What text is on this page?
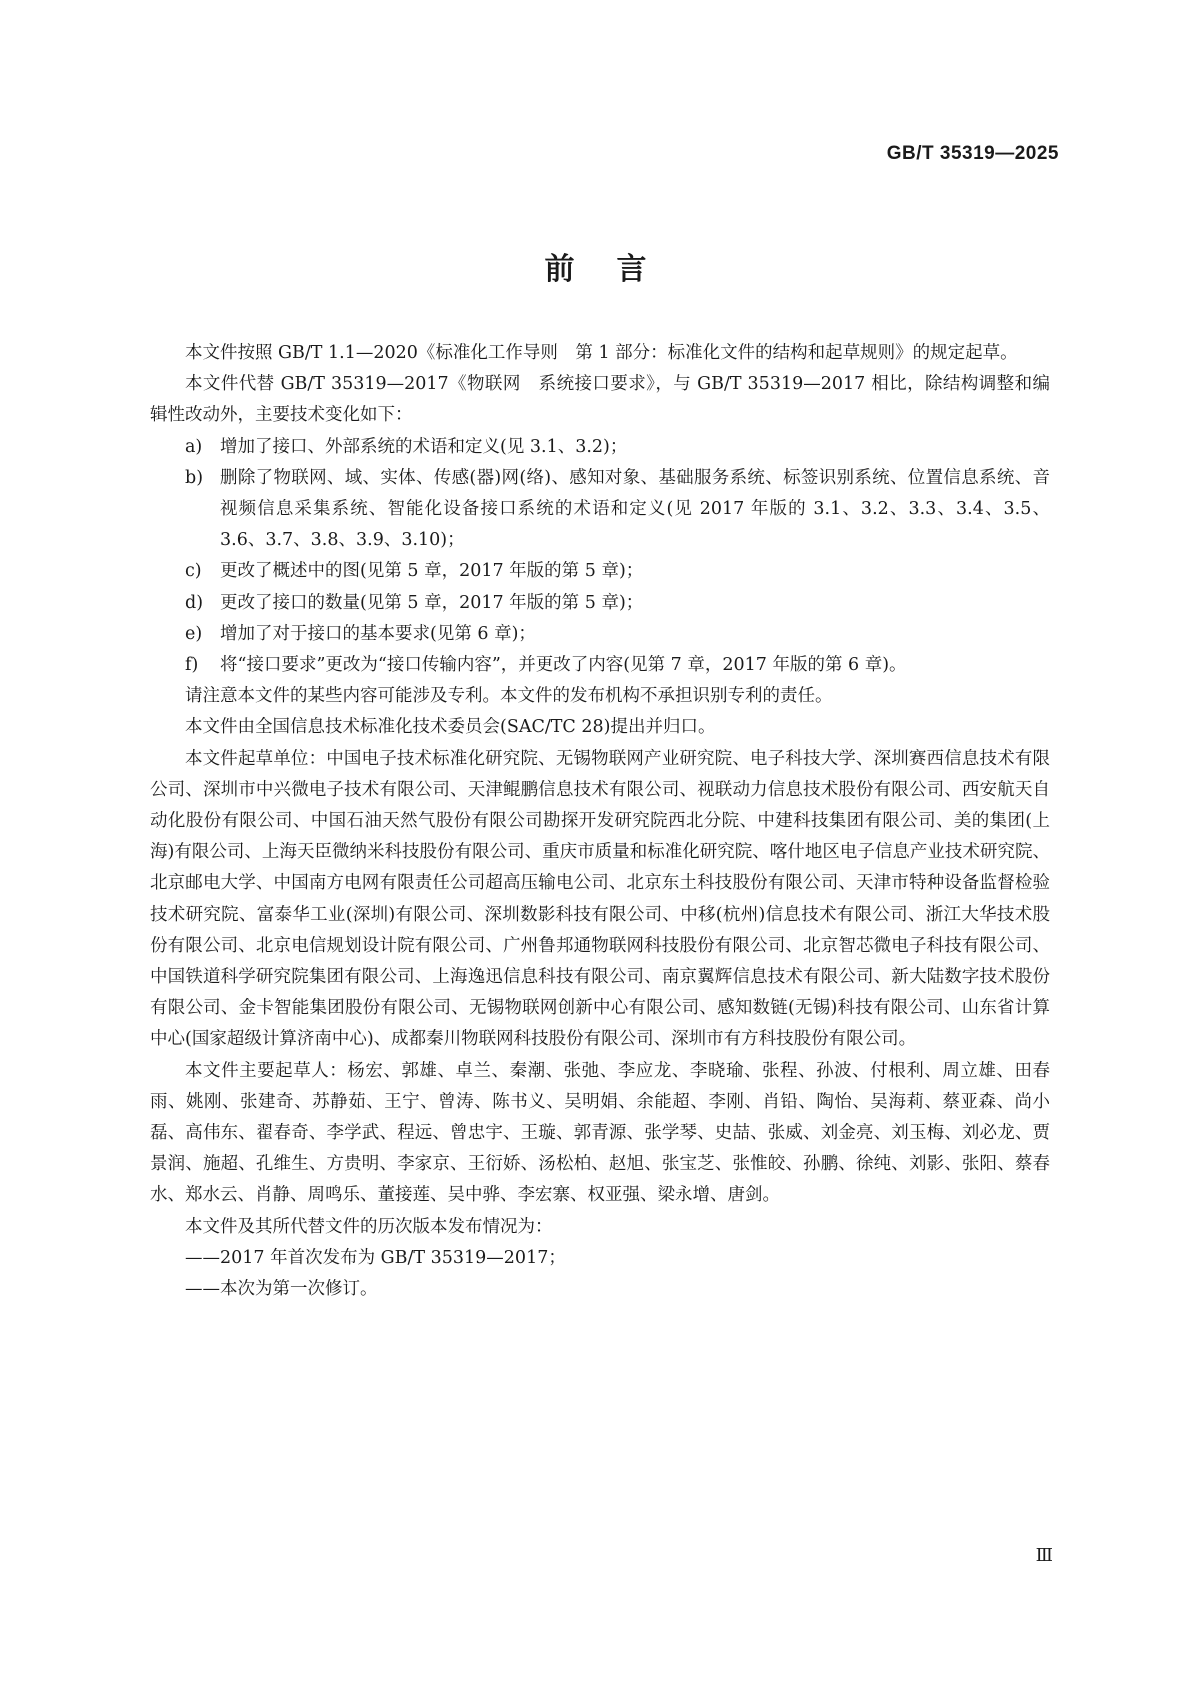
GB/T 35319—2025
前言

本文件按照 GB/T 1.1—2020《标准化工作导则　第 1 部分：标准化文件的结构和起草规则》的规定起草。

本文件代替 GB/T 35319—2017《物联网　系统接口要求》，与 GB/T 35319—2017 相比，除结构调整和编辑性改动外，主要技术变化如下：

a)	增加了接口、外部系统的术语和定义(见 3.1、3.2)；
b) 删除了物联网、域、实体、传感(器)网(络)、感知对象、基础服务系统、标签识别系统、位置信息系统、音视频信息采集系统、智能化设备接口系统的术语和定义(见 2017 年版的 3.1、3.2、3.3、3.4、3.5、3.6、3.7、3.8、3.9、3.10)；
c)	更改了概述中的图(见第 5 章，2017 年版的第 5 章)；
d) 更改了接口的数量(见第 5 章，2017 年版的第 5 章)；
e)	增加了对于接口的基本要求(见第 6 章)；
f)	将“接口要求”更改为“接口传输内容”，并更改了内容(见第 7 章，2017 年版的第 6 章)。

请注意本文件的某些内容可能涉及专利。本文件的发布机构不承担识别专利的责任。

本文件由全国信息技术标准化技术委员会(SAC/TC 28)提出并归口。

本文件起草单位：中国电子技术标准化研究院、无锡物联网产业研究院、电子科技大学、深圳赛西信息技术有限公司、深圳市中兴微电子技术有限公司、天津鲲鹏信息技术有限公司、视联动力信息技术股份有限公司、西安航天自动化股份有限公司、中国石油天然气股份有限公司勘探开发研究院西北分院、中建科技集团有限公司、美的集团(上海)有限公司、上海天臣微纳米科技股份有限公司、重庆市质量和标准化研究院、喀什地区电子信息产业技术研究院、北京邮电大学、中国南方电网有限责任公司超高压输电公司、北京东土科技股份有限公司、天津市特种设备监督检验技术研究院、富泰华工业(深圳)有限公司、深圳数影科技有限公司、中移(杭州)信息技术有限公司、浙江大华技术股份有限公司、北京电信规划设计院有限公司、广州鲁邦通物联网科技股份有限公司、北京智芯微电子科技有限公司、中国铁道科学研究院集团有限公司、上海逸迅信息科技有限公司、南京翼辉信息技术有限公司、新大陆数字技术股份有限公司、金卡智能集团股份有限公司、无锡物联网创新中心有限公司、感知数链(无锡)科技有限公司、山东省计算中心(国家超级计算济南中心)、成都秦川物联网科技股份有限公司、深圳市有方科技股份有限公司。

本文件主要起草人：杨宏、郭雄、卓兰、秦潮、张弛、李应龙、李晓瑜、张程、孙波、付根利、周立雄、田春雨、姚刚、张建奇、苏静茹、王宁、曾涛、陈书义、吴明娟、余能超、李刚、肖铅、陶怡、吴海莉、蔡亚森、尚小磊、高伟东、翟春奇、李学武、程远、曾忠宇、王璇、郭青源、张学琴、史喆、张威、刘金亮、刘玉梅、刘必龙、贾景润、施超、孔维生、方贵明、李家京、王衍娇、汤松柏、赵旭、张宝芝、张惟皎、孙鹏、徐纯、刘影、张阳、蔡春水、郑水云、肖静、周鸣乐、董接莲、吴中骅、李宏寨、权亚强、梁永增、唐剑。

本文件及其所代替文件的历次版本发布情况为：

——2017 年首次发布为 GB/T 35319—2017；

——本次为第一次修订。

Ⅲ
